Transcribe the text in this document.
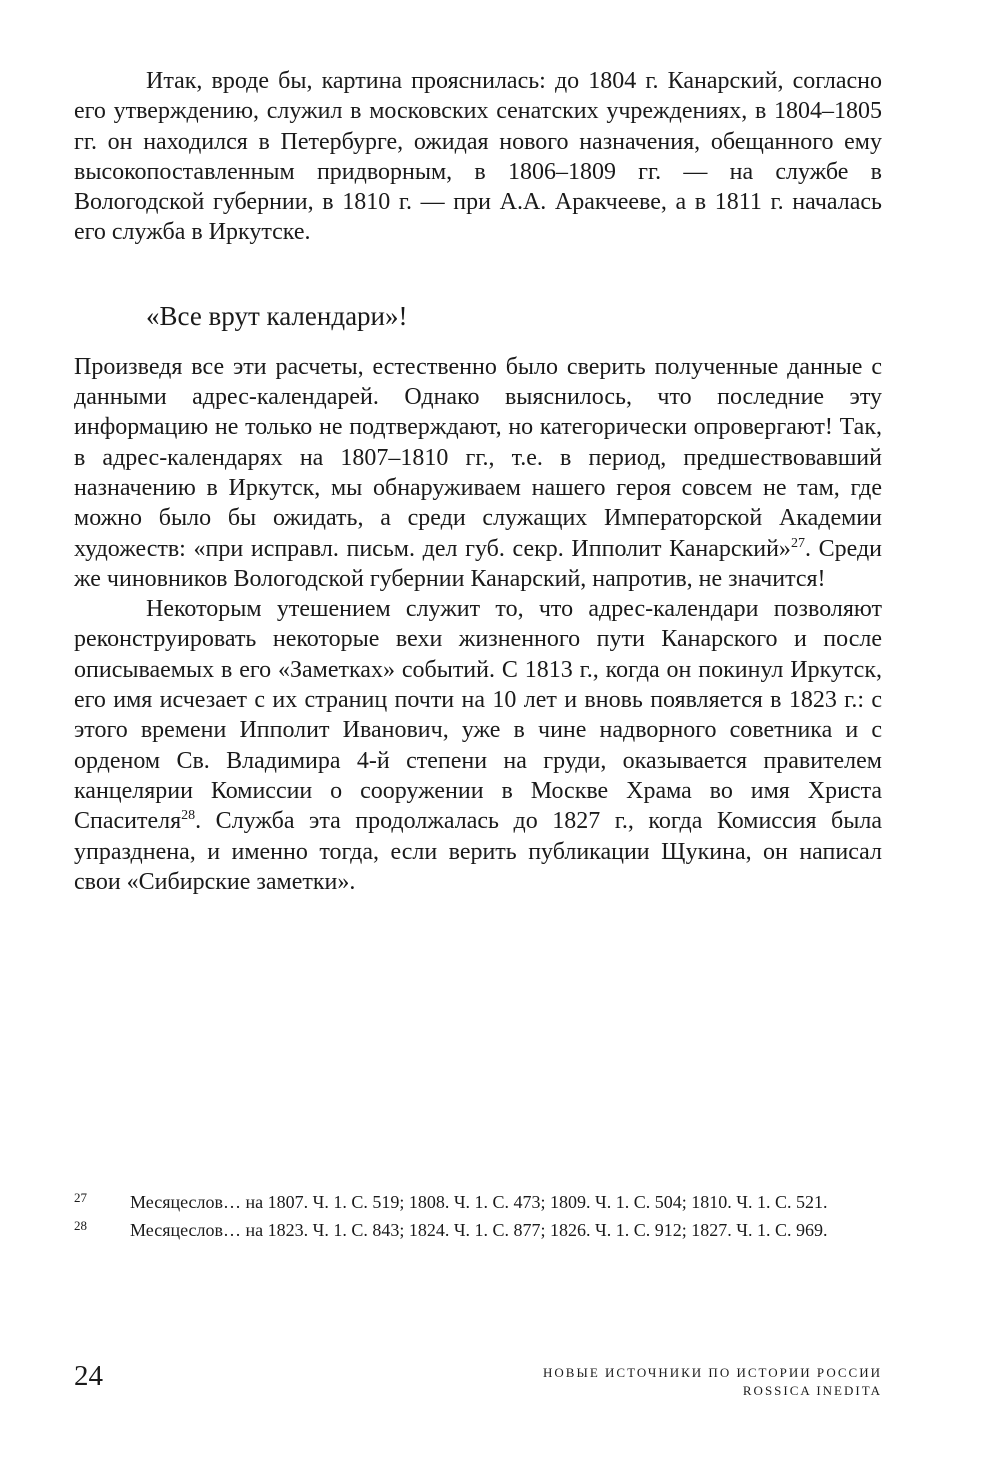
Итак, вроде бы, картина прояснилась: до 1804 г. Канарский, согласно его утверждению, служил в московских сенатских учреждениях, в 1804–1805 гг. он находился в Петербурге, ожидая нового назначения, обещанного ему высокопоставленным придворным, в 1806–1809 гг. — на службе в Вологодской губернии, в 1810 г. — при А.А. Аракчееве, а в 1811 г. началась его служба в Иркутске.

«Все врут календари»!

Произведя все эти расчеты, естественно было сверить полученные данные с данными адрес-календарей. Однако выяснилось, что последние эту информацию не только не подтверждают, но категорически опровергают! Так, в адрес-календарях на 1807–1810 гг., т.е. в период, предшествовавший назначению в Иркутск, мы обнаруживаем нашего героя совсем не там, где можно было бы ожидать, а среди служащих Императорской Академии художеств: «при исправл. письм. дел губ. секр. Ипполит Канарский»$^{27}$. Среди же чиновников Вологодской губернии Канарский, напротив, не значится!

Некоторым утешением служит то, что адрес-календари позволяют реконструировать некоторые вехи жизненного пути Канарского и после описываемых в его «Заметках» событий. С 1813 г., когда он покинул Иркутск, его имя исчезает с их страниц почти на 10 лет и вновь появляется в 1823 г.: с этого времени Ипполит Иванович, уже в чине надворного советника и с орденом Св. Владимира 4-й степени на груди, оказывается правителем канцелярии Комиссии о сооружении в Москве Храма во имя Христа Спасителя$^{28}$. Служба эта продолжалась до 1827 г., когда Комиссия была упразднена, и именно тогда, если верить публикации Щукина, он написал свои «Сибирские заметки».

27 Месяцеслов… на 1807. Ч. 1. С. 519; 1808. Ч. 1. С. 473; 1809. Ч. 1. С. 504; 1810. Ч. 1. С. 521.

28 Месяцеслов… на 1823. Ч. 1. С. 843; 1824. Ч. 1. С. 877; 1826. Ч. 1. С. 912; 1827. Ч. 1. С. 969.

24	НОВЫЕ ИСТОЧНИКИ ПО ИСТОРИИ РОССИИ
ROSSICA INEDITA
